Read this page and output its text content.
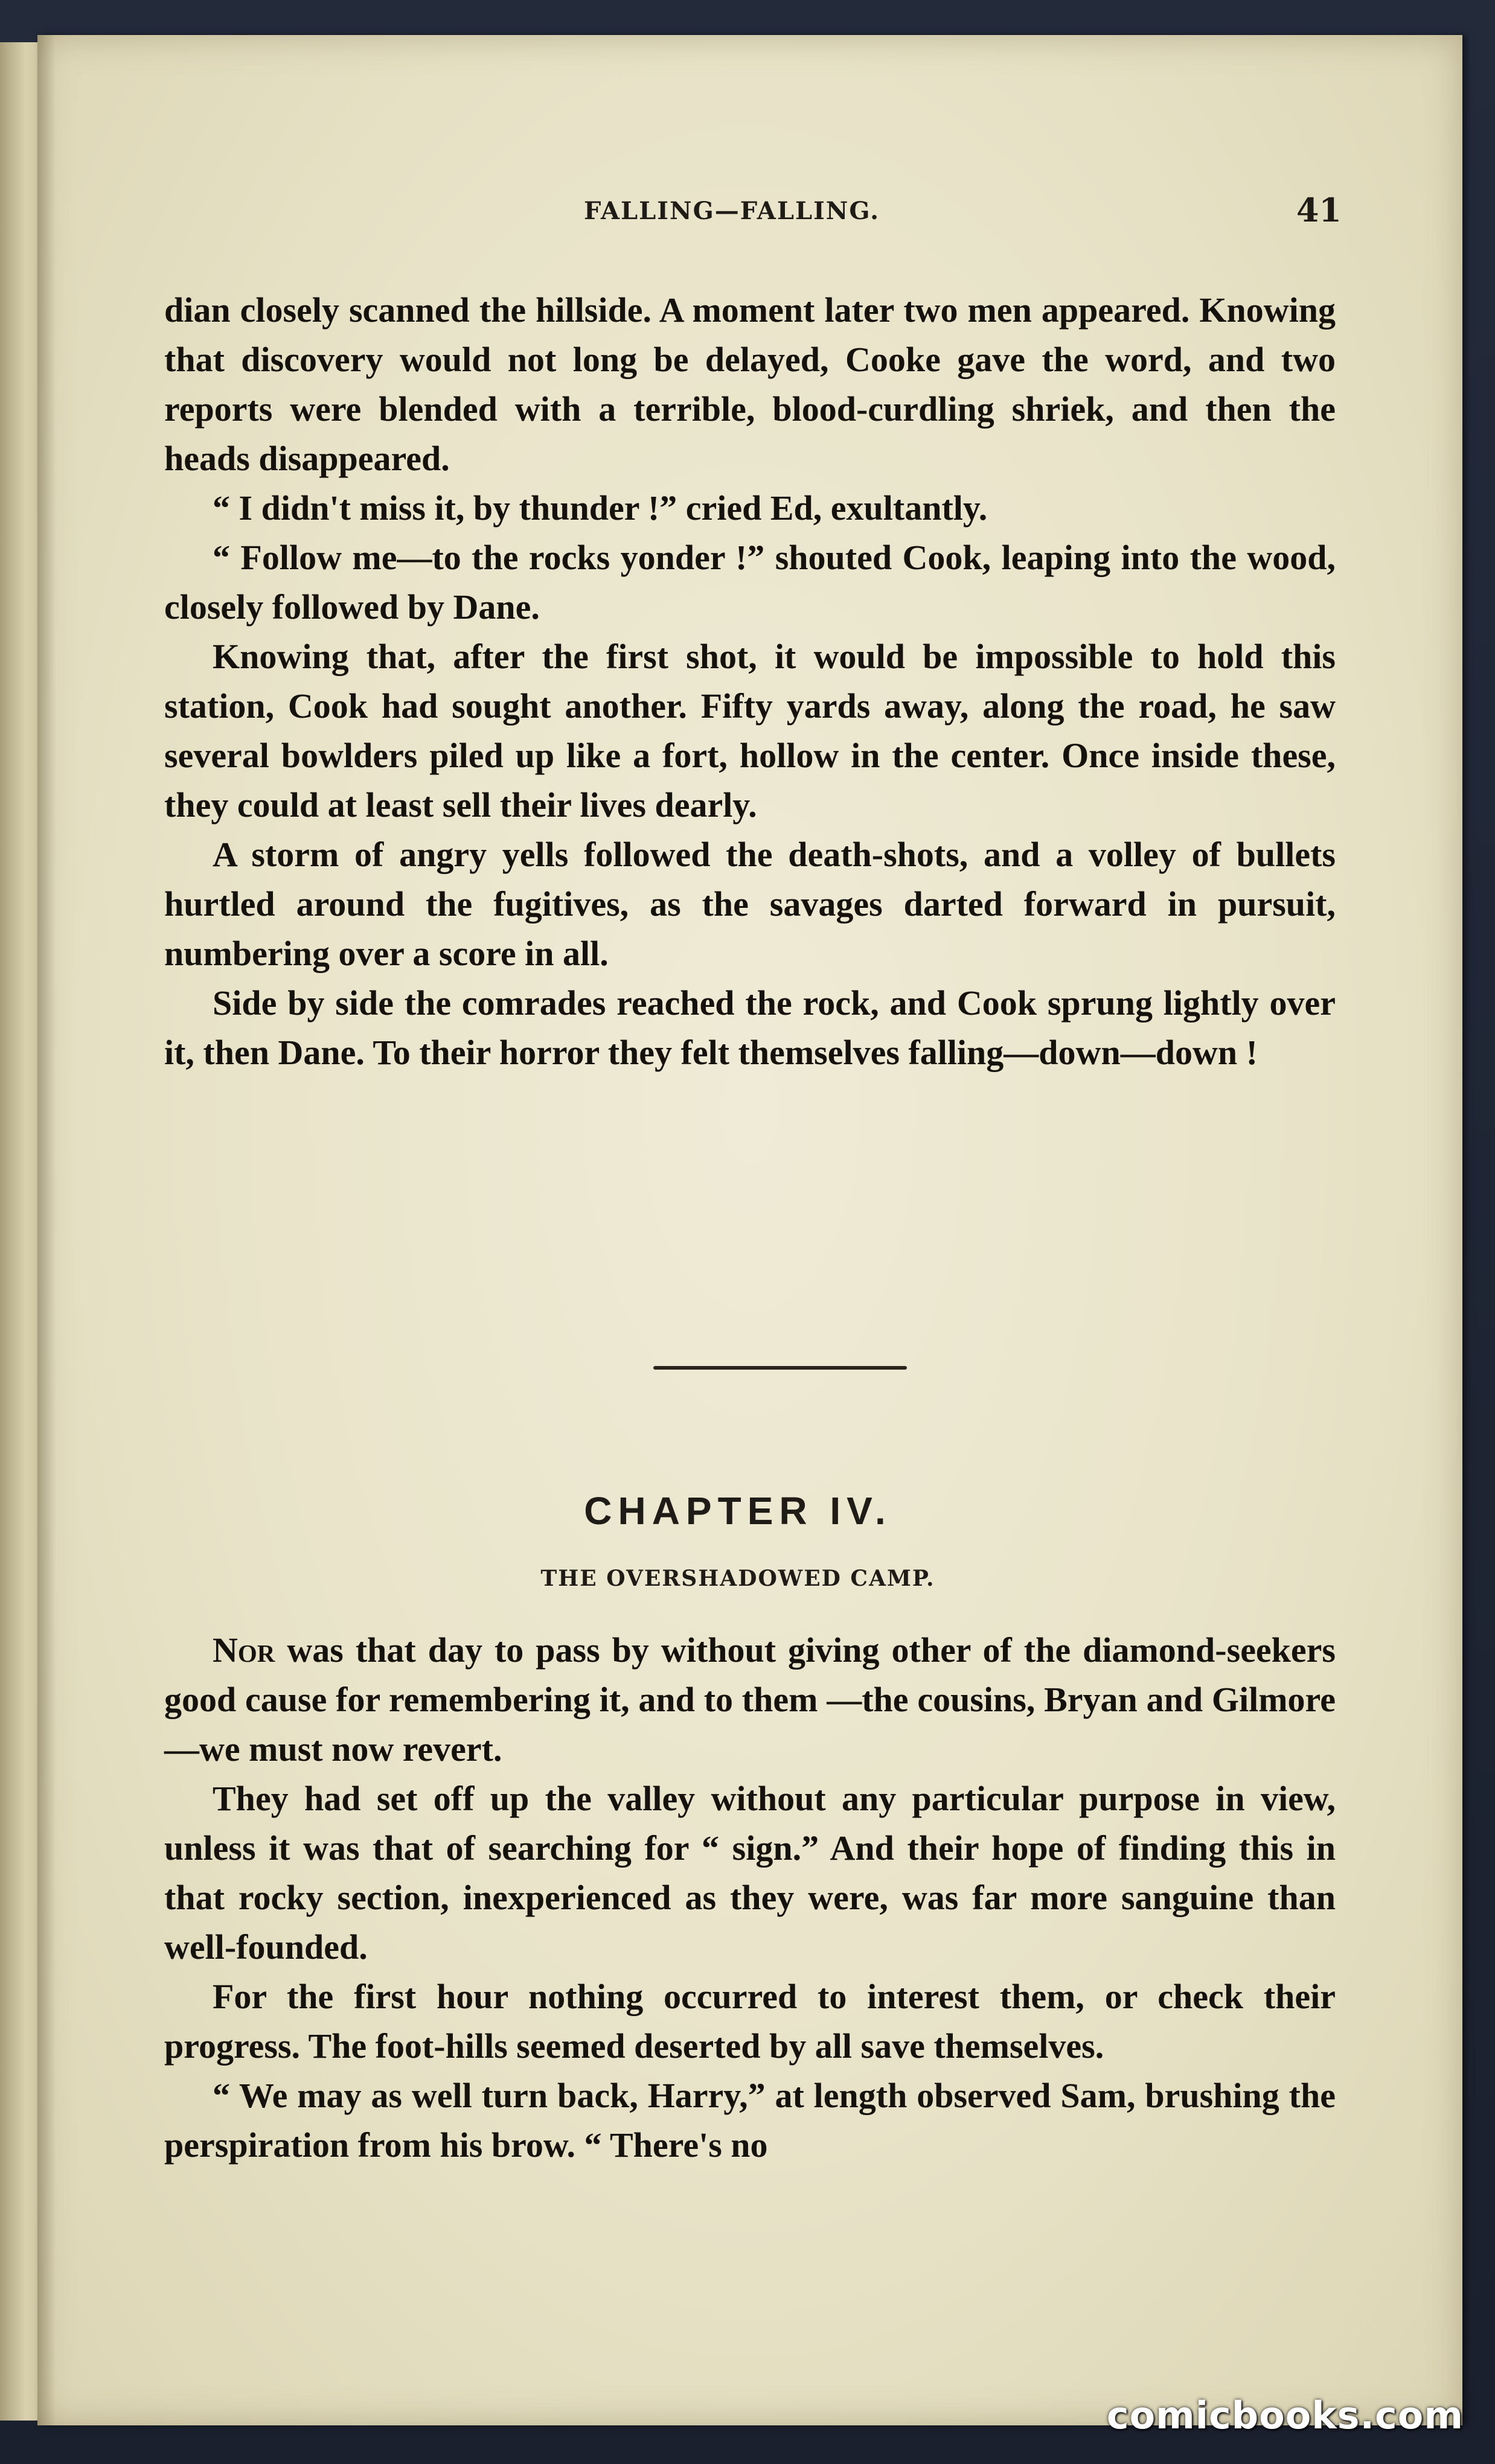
FALLING—FALLING.	41

dian closely scanned the hillside. A moment later two men appeared. Knowing that discovery would not long be delayed, Cooke gave the word, and two reports were blended with a terrible, blood-curdling shriek, and then the heads disappeared.

“ I didn't miss it, by thunder !” cried Ed, exultantly.

“ Follow me—to the rocks yonder !” shouted Cook, leaping into the wood, closely followed by Dane.

Knowing that, after the first shot, it would be impossible to hold this station, Cook had sought another. Fifty yards away, along the road, he saw several bowlders piled up like a fort, hollow in the center. Once inside these, they could at least sell their lives dearly.

A storm of angry yells followed the death-shots, and a volley of bullets hurtled around the fugitives, as the savages darted forward in pursuit, numbering over a score in all.

Side by side the comrades reached the rock, and Cook sprung lightly over it, then Dane. To their horror they felt themselves falling—down—down !

CHAPTER IV.
THE OVERSHADOWED CAMP.

Nor was that day to pass by without giving other of the diamond-seekers good cause for remembering it, and to them —the cousins, Bryan and Gilmore—we must now revert.

They had set off up the valley without any particular purpose in view, unless it was that of searching for “ sign.” And their hope of finding this in that rocky section, inexperienced as they were, was far more sanguine than well-founded.

For the first hour nothing occurred to interest them, or check their progress. The foot-hills seemed deserted by all save themselves.

“ We may as well turn back, Harry,” at length observed Sam, brushing the perspiration from his brow. “ There's no

comicbooks.com
